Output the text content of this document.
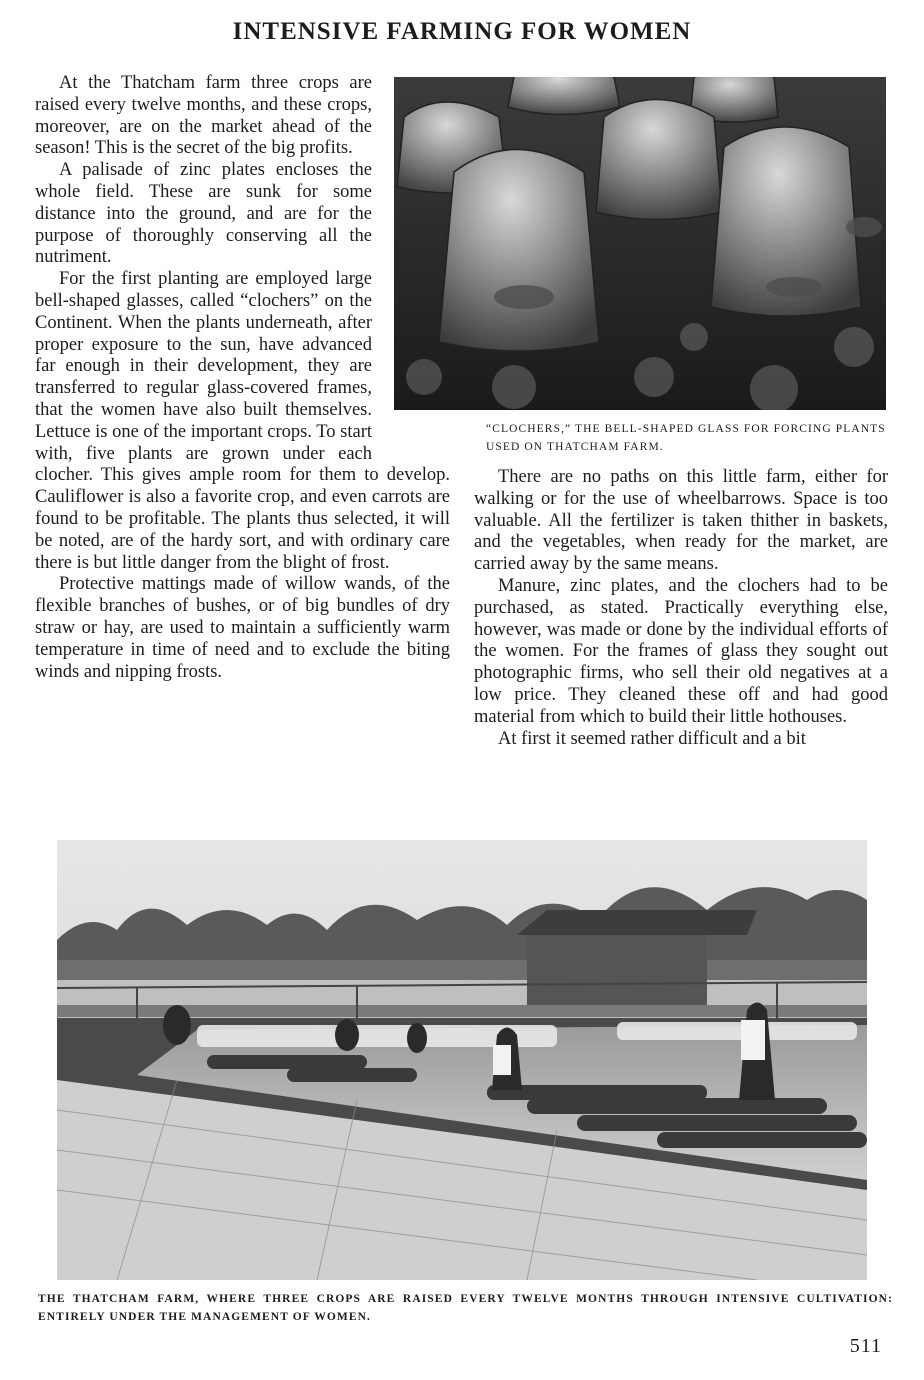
INTENSIVE FARMING FOR WOMEN

At the Thatcham farm three crops are raised every twelve months, and these crops, moreover, are on the market ahead of the season! This is the secret of the big profits.

A palisade of zinc plates encloses the whole field. These are sunk for some distance into the ground, and are for the purpose of thoroughly conserving all the nutriment.

For the first planting are employed large bell-shaped glasses, called “clochers” on the Continent. When the plants underneath, after proper exposure to the sun, have advanced far enough in their development, they are transferred to regular glass-covered frames, that the women have also built themselves. Lettuce is one of the important crops. To start with, five plants are grown under each clocher. This gives ample room for them to develop. Cauliflower is also a favorite crop, and even carrots are found to be profitable. The plants thus selected, it will be noted, are of the hardy sort, and with ordinary care there is but little danger from the blight of frost.

Protective mattings made of willow wands, of the flexible branches of bushes, or of big bundles of dry straw or hay, are used to maintain a sufficiently warm temperature in time of need and to exclude the biting winds and nipping frosts.

“CLOCHERS,” THE BELL-SHAPED GLASS FOR FORCING PLANTS USED ON THATCHAM FARM.

There are no paths on this little farm, either for walking or for the use of wheelbarrows. Space is too valuable. All the fertilizer is taken thither in baskets, and the vegetables, when ready for the market, are carried away by the same means.

Manure, zinc plates, and the clochers had to be purchased, as stated. Practically everything else, however, was made or done by the individual efforts of the women. For the frames of glass they sought out photographic firms, who sell their old negatives at a low price. They cleaned these off and had good material from which to build their little hothouses.

At first it seemed rather difficult and a bit

THE THATCHAM FARM, WHERE THREE CROPS ARE RAISED EVERY TWELVE MONTHS THROUGH INTENSIVE CULTIVATION: ENTIRELY UNDER THE MANAGEMENT OF WOMEN.

511
